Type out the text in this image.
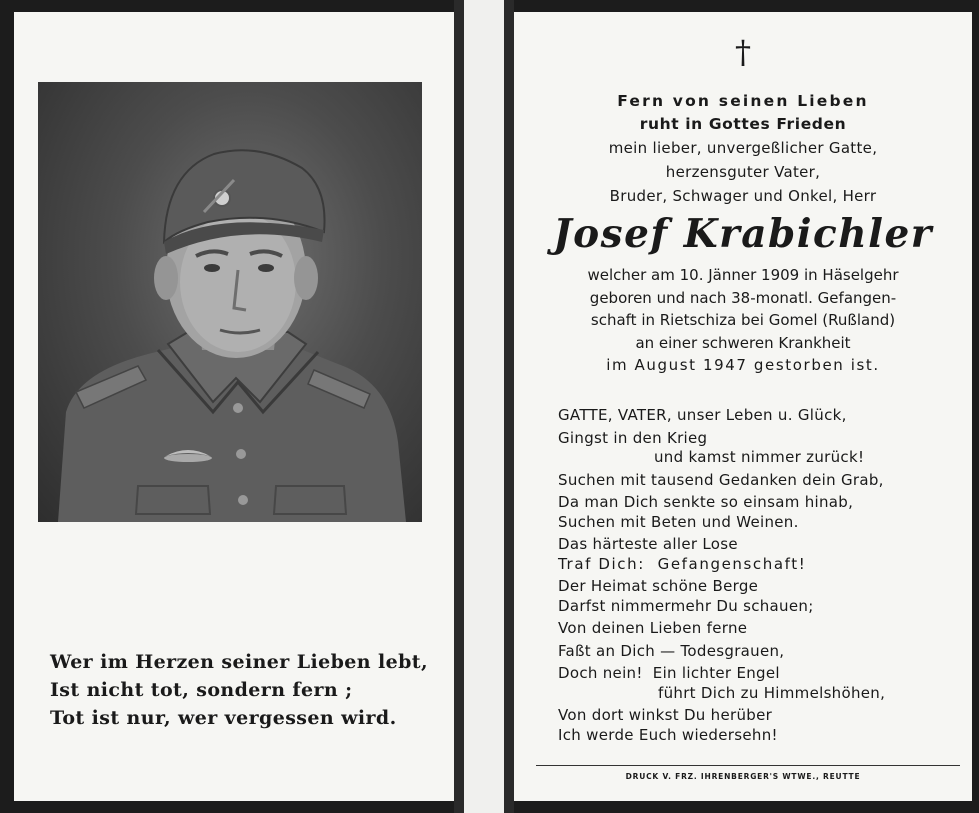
Wer im Herzen seiner Lieben lebt,
Ist nicht tot, sondern fern ;
Tot ist nur, wer vergessen wird.
†
Fern von seinen Lieben
ruht in Gottes Frieden
mein lieber, unvergeßlicher Gatte,
herzensguter Vater,
Bruder, Schwager und Onkel, Herr
Josef Krabichler
welcher am 10. Jänner 1909 in Häselgehr
geboren und nach 38-monatl. Gefangen-
schaft in Rietschiza bei Gomel (Rußland)
an einer schweren Krankheit
im August 1947 gestorben ist.
GATTE, VATER, unser Leben u. Glück,
Gingst in den Krieg
und kamst nimmer zurück!
Suchen mit tausend Gedanken dein Grab,
Da man Dich senkte so einsam hinab,
Suchen mit Beten und Weinen.
Das härteste aller Lose
Traf Dich:  Gefangenschaft!
Der Heimat schöne Berge
Darfst nimmermehr Du schauen;
Von deinen Lieben ferne
Faßt an Dich — Todesgrauen,
Doch nein!  Ein lichter Engel
führt Dich zu Himmelshöhen,
Von dort winkst Du herüber
Ich werde Euch wiedersehn!
DRUCK V. FRZ. IHRENBERGER'S WTWE., REUTTE
